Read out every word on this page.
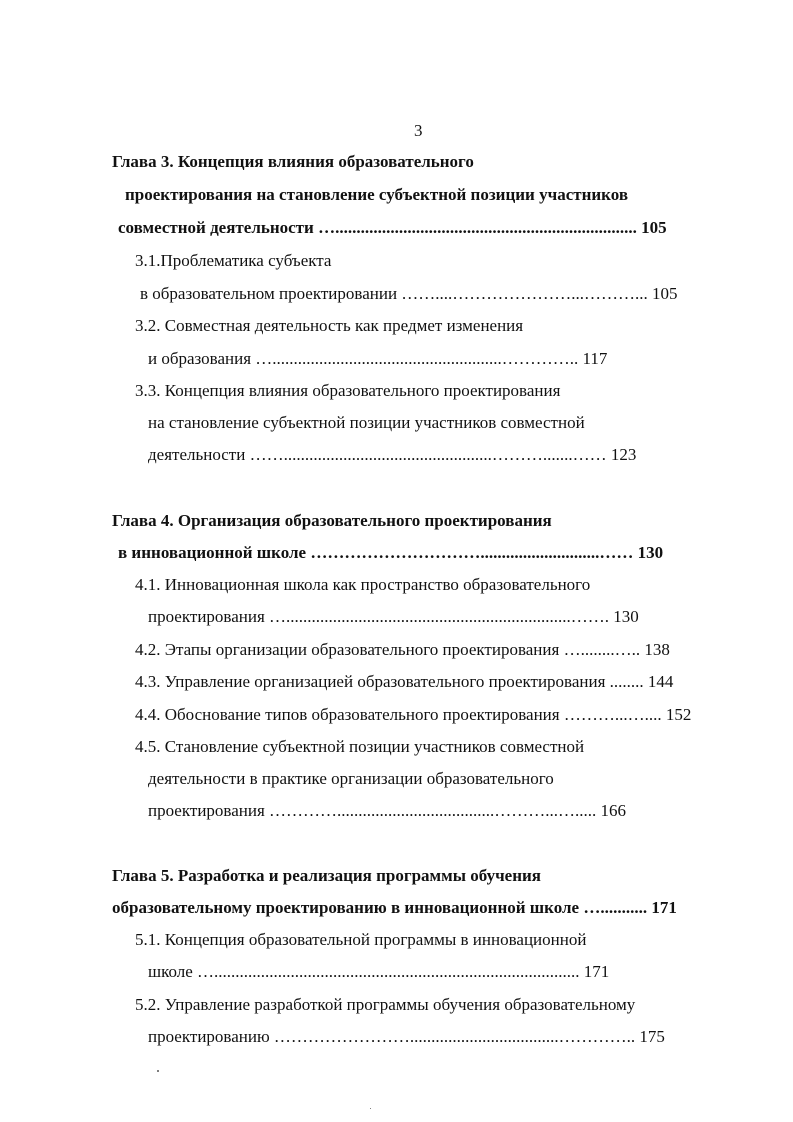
3
Глава 3. Концепция влияния образовательного
проектирования на становление субъектной позиции участников
совместной деятельности …....................................................................... 105
3.1.Проблематика субъекта
в образовательном проектировании ……....…………………...………... 105
3.2. Совместная деятельность как предмет изменения
и образования …......................................................………….. 117
3.3. Концепция влияния образовательного проектирования
на становление субъектной позиции участников совместной
деятельности …….................................................……….......…… 123
Глава 4. Организация образовательного проектирования
в инновационной школе …………………………............................…… 130
4.1. Инновационная школа как пространство образовательного
проектирования …...................................................................……. 130
4.2. Этапы организации образовательного проектирования …........….. 138
4.3. Управление организацией образовательного проектирования ........ 144
4.4. Обоснование типов образовательного проектирования ………...….... 152
4.5. Становление субъектной позиции участников совместной
деятельности в практике организации образовательного
проектирования ………….....................................………...…..... 166
Глава 5. Разработка и реализация программы обучения
образовательному проектированию в инновационной школе …........... 171
5.1. Концепция образовательной программы в инновационной
школе …...................................................................................... 171
5.2. Управление разработкой программы обучения образовательному
проектированию ……………………...................................………….. 175
